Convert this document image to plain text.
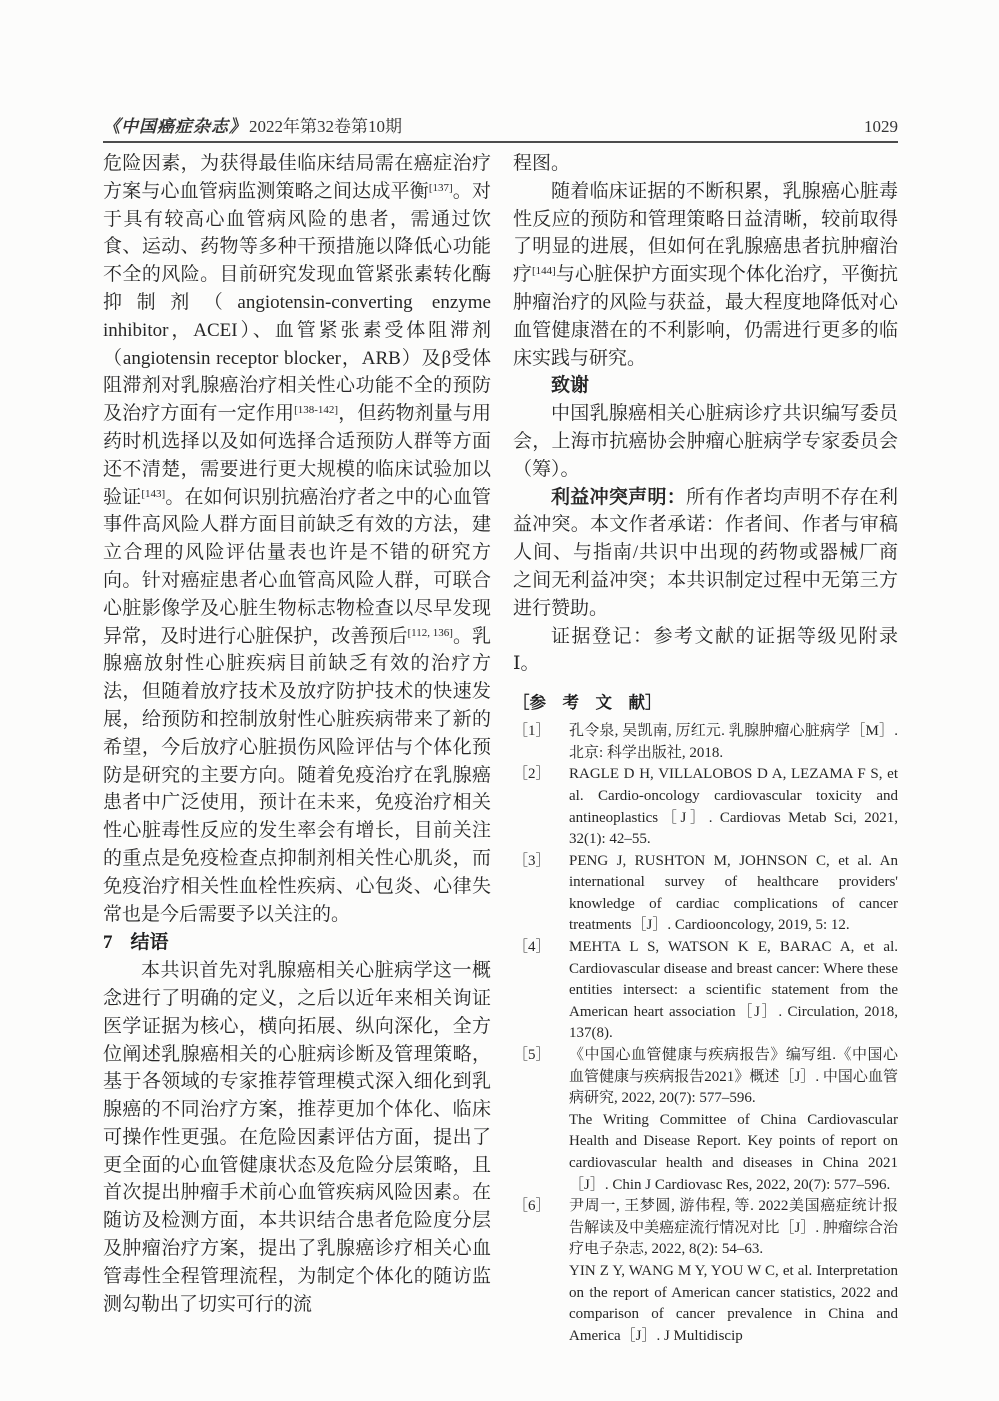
《中国癌症杂志》 2022年第32卷第10期	1029

危险因素，为获得最佳临床结局需在癌症治疗方案与心血管病监测策略之间达成平衡[137]。对于具有较高心血管病风险的患者，需通过饮食、运动、药物等多种干预措施以降低心功能不全的风险。目前研究发现血管紧张素转化酶抑制剂（angiotensin-converting enzyme inhibitor，ACEI）、血管紧张素受体阻滞剂（angiotensin receptor blocker，ARB）及β受体阻滞剂对乳腺癌治疗相关性心功能不全的预防及治疗方面有一定作用[138-142]，但药物剂量与用药时机选择以及如何选择合适预防人群等方面还不清楚，需要进行更大规模的临床试验加以验证[143]。在如何识别抗癌治疗者之中的心血管事件高风险人群方面目前缺乏有效的方法，建立合理的风险评估量表也许是不错的研究方向。针对癌症患者心血管高风险人群，可联合心脏影像学及心脏生物标志物检查以尽早发现异常，及时进行心脏保护，改善预后[112, 136]。乳腺癌放射性心脏疾病目前缺乏有效的治疗方法，但随着放疗技术及放疗防护技术的快速发展，给预防和控制放射性心脏疾病带来了新的希望，今后放疗心脏损伤风险评估与个体化预防是研究的主要方向。随着免疫治疗在乳腺癌患者中广泛使用，预计在未来，免疫治疗相关性心脏毒性反应的发生率会有增长，目前关注的重点是免疫检查点抑制剂相关性心肌炎，而免疫治疗相关性血栓性疾病、心包炎、心律失常也是今后需要予以关注的。

7 结语

本共识首先对乳腺癌相关心脏病学这一概念进行了明确的定义，之后以近年来相关询证医学证据为核心，横向拓展、纵向深化，全方位阐述乳腺癌相关的心脏病诊断及管理策略，基于各领域的专家推荐管理模式深入细化到乳腺癌的不同治疗方案，推荐更加个体化、临床可操作性更强。在危险因素评估方面，提出了更全面的心血管健康状态及危险分层策略，且首次提出肿瘤手术前心血管疾病风险因素。在随访及检测方面，本共识结合患者危险度分层及肿瘤治疗方案，提出了乳腺癌诊疗相关心血管毒性全程管理流程，为制定个体化的随访监测勾勒出了切实可行的流

程图。

随着临床证据的不断积累，乳腺癌心脏毒性反应的预防和管理策略日益清晰，较前取得了明显的进展，但如何在乳腺癌患者抗肿瘤治疗[144]与心脏保护方面实现个体化治疗，平衡抗肿瘤治疗的风险与获益，最大程度地降低对心血管健康潜在的不利影响，仍需进行更多的临床实践与研究。

致谢

中国乳腺癌相关心脏病诊疗共识编写委员会，上海市抗癌协会肿瘤心脏病学专家委员会（筹）。

利益冲突声明：所有作者均声明不存在利益冲突。本文作者承诺：作者间、作者与审稿人间、与指南/共识中出现的药物或器械厂商之间无利益冲突；本共识制定过程中无第三方进行赞助。

证据登记：参考文献的证据等级见附录Ⅰ。

［参　考　文　献］
［1］	孔令泉, 吴凯南, 厉红元. 乳腺肿瘤心脏病学［M］. 北京: 科学出版社, 2018.
［2］	RAGLE D H, VILLALOBOS D A, LEZAMA F S, et al. Cardio-oncology cardiovascular toxicity and antineoplastics［J］. Cardiovas Metab Sci, 2021, 32(1): 42–55.
［3］	PENG J, RUSHTON M, JOHNSON C, et al. An international survey of healthcare providers' knowledge of cardiac complications of cancer treatments［J］. Cardiooncology, 2019, 5: 12.
［4］	MEHTA L S, WATSON K E, BARAC A, et al. Cardiovascular disease and breast cancer: Where these entities intersect: a scientific statement from the American heart association［J］. Circulation, 2018, 137(8).
［5］	《中国心血管健康与疾病报告》编写组.《中国心血管健康与疾病报告2021》概述［J］. 中国心血管病研究, 2022, 20(7): 577–596.
The Writing Committee of China Cardiovascular Health and Disease Report. Key points of report on cardiovascular health and diseases in China 2021［J］. Chin J Cardiovasc Res, 2022, 20(7): 577–596.
［6］	尹周一, 王梦圆, 游伟程, 等. 2022美国癌症统计报告解读及中美癌症流行情况对比［J］. 肿瘤综合治疗电子杂志, 2022, 8(2): 54–63.
YIN Z Y, WANG M Y, YOU W C, et al. Interpretation on the report of American cancer statistics, 2022 and comparison of cancer prevalence in China and America［J］. J Multidiscip
